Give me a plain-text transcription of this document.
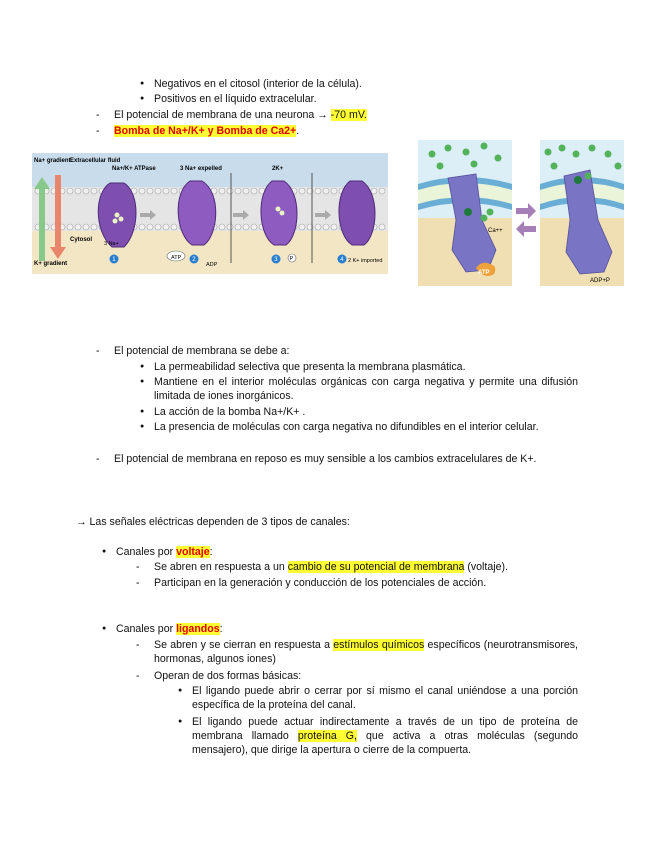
● Negativos en el citosol (interior de la célula).
● Positivos en el líquido extracelular.
- El potencial de membrana de una neurona → -70 mV.
- Bomba de Na+/K+ y Bomba de Ca2+.
Na+ gradient
K+ gradient
Extracellular fluid
Cytosol
Na+/K+ ATPase
3 Na+
3 Na+ expelled
ATP
ADP
2K+
P	2 K+ imported
1	2	3	4
Ca++
ATP
ADP+P
- El potencial de membrana se debe a:
● La permeabilidad selectiva que presenta la membrana plasmática.
● Mantiene en el interior moléculas orgánicas con carga negativa y permite una difusión limitada de iones inorgánicos.
● La acción de la bomba Na+/K+ .
● La presencia de moléculas con carga negativa no difundibles en el interior celular.
- El potencial de membrana en reposo es muy sensible a los cambios extracelulares de K+.
→ Las señales eléctricas dependen de 3 tipos de canales:
● Canales por voltaje:
- Se abren en respuesta a un cambio de su potencial de membrana (voltaje).
- Participan en la generación y conducción de los potenciales de acción.
● Canales por ligandos:
- Se abren y se cierran en respuesta a estímulos químicos específicos (neurotransmisores, hormonas, algunos iones)
- Operan de dos formas básicas:
● El ligando puede abrir o cerrar por sí mismo el canal uniéndose a una porción específica de la proteína del canal.
● El ligando puede actuar indirectamente a través de un tipo de proteína de membrana llamado proteína G, que activa a otras moléculas (segundo mensajero), que dirige la apertura o cierre de la compuerta.
